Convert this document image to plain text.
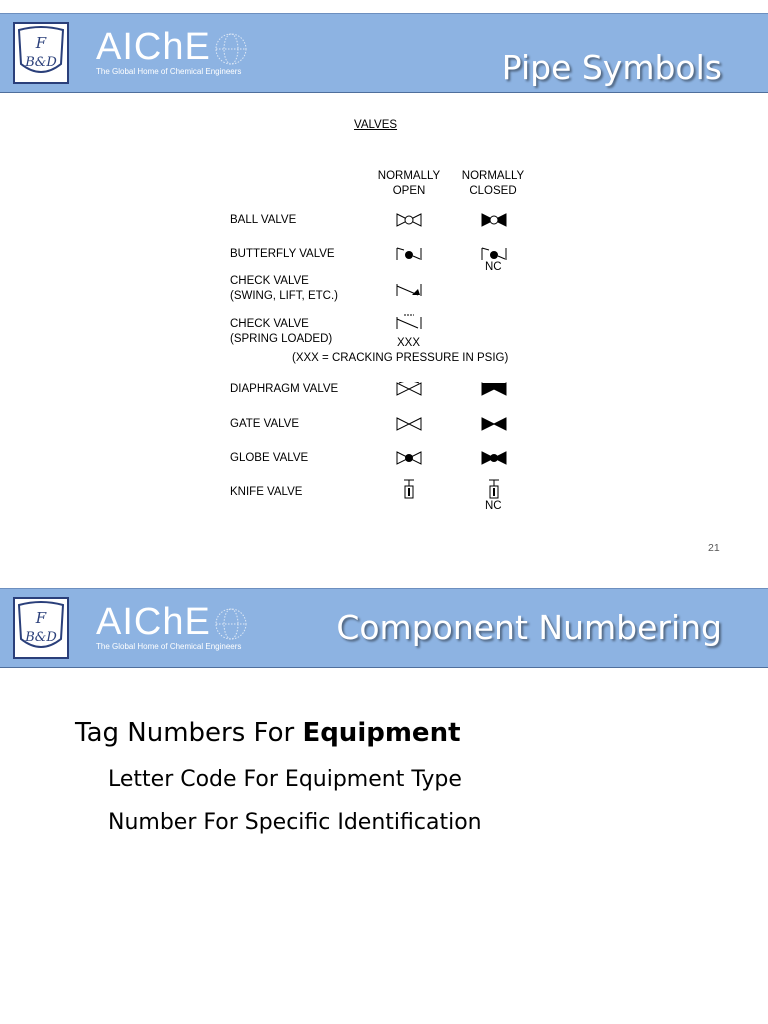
F
B&D AIChE
The Global Home of Chemical Engineers	Pipe Symbols
VALVES
NORMALLY
OPEN
NORMALLY
CLOSED
BALL VALVE
BUTTERFLY VALVE
CHECK VALVE
(SWING, LIFT, ETC.)
CHECK VALVE
(SPRING LOADED)
DIAPHRAGM VALVE
GATE VALVE
GLOBE VALVE
KNIFE VALVE
NC
XXX
(XXX = CRACKING PRESSURE IN PSIG)
NC
21
F
B&D AIChE
The Global Home of Chemical Engineers	Component Numbering
Tag Numbers For Equipment
Letter Code For Equipment Type
Number For Specific Identification
